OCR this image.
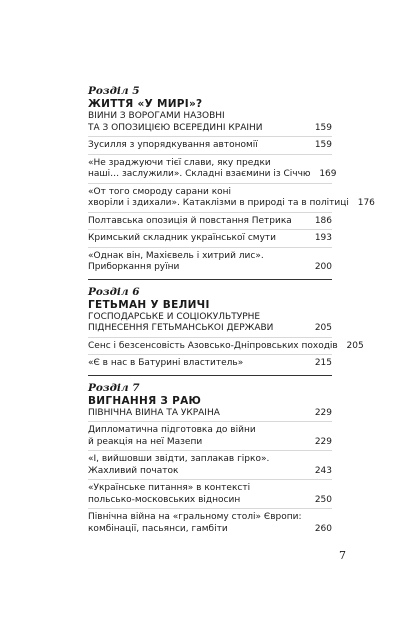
Розділ 5
ЖИТТЯ «У МИРІ»?
ВІЙНИ З ВОРОГАМИ НАЗОВНІ
ТА З ОПОЗИЦІЄЮ ВСЕРЕДИНІ КРАЇНИ	159
Зусилля з упорядкування автономії	159
«Не зраджуючи тієї слави, яку предки
наші… заслужили». Складні взаємини із Січчю 169
«От того смороду сарани коні
хворіли і здихали». Катаклізми в природі та в політиці 176
Полтавська опозиція й повстання Петрика	186
Кримський складник української смути	193
«Однак він, Махієвель і хитрий лис».
Приборкання руїни	200
Розділ 6
ГЕТЬМАН У ВЕЛИЧІ
ГОСПОДАРСЬКЕ Й СОЦІОКУЛЬТУРНЕ
ПІДНЕСЕННЯ ГЕТЬМАНСЬКОЇ ДЕРЖАВИ	205
Сенс і безсенсовість Азовсько-Дніпровських походів 205
«Є в нас в Батурині властитель»	215
Розділ 7
ВИГНАННЯ З РАЮ
ПІВНІЧНА ВІЙНА ТА УКРАЇНА	229
Дипломатична підготовка до війни
й реакція на неї Мазепи	229
«І, вийшовши звідти, заплакав гірко».
Жахливий початок	243
«Українське питання» в контексті
польсько-московських відносин	250
Північна війна на «гральному столі» Європи:
комбінації, пасьянси, гамбіти	260
7
